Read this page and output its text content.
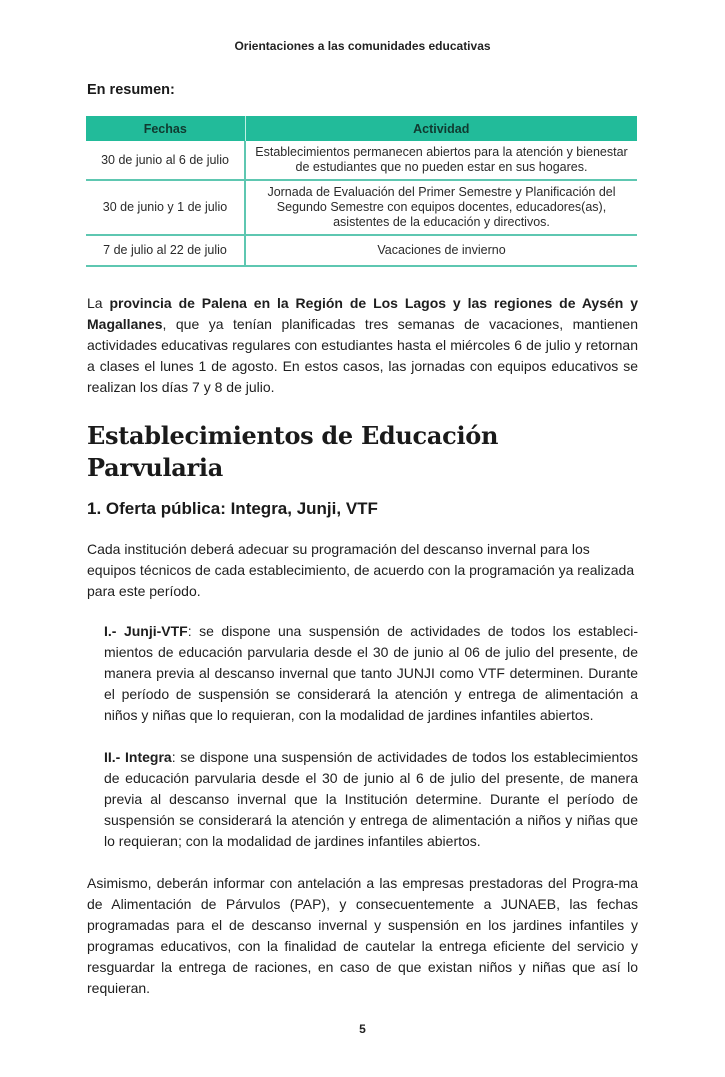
Orientaciones a las comunidades educativas
En resumen:
Fechas	Actividad
30 de junio al 6 de julio	Establecimientos permanecen abiertos para la atención y bienestar de estudiantes que no pueden estar en sus hogares.
30 de junio y 1 de julio	Jornada de Evaluación del Primer Semestre y Planificación del Segundo Semestre con equipos docentes, educadores(as), asistentes de la educación y directivos.
7 de julio al 22 de julio	Vacaciones de invierno

La provincia de Palena en la Región de Los Lagos y las regiones de Aysén y Magallanes, que ya tenían planificadas tres semanas de vacaciones, mantienen actividades educativas regulares con estudiantes hasta el miércoles 6 de julio y retornan a clases el lunes 1 de agosto. En estos casos, las jornadas con equipos educativos se realizan los días 7 y 8 de julio.

Establecimientos de Educación Parvularia
1. Oferta pública: Integra, Junji, VTF

Cada institución deberá adecuar su programación del descanso invernal para los equipos técnicos de cada establecimiento, de acuerdo con la programación ya realizada para este período.

I.- Junji-VTF: se dispone una suspensión de actividades de todos los estableci-mientos de educación parvularia desde el 30 de junio al 06 de julio del presente, de manera previa al descanso invernal que tanto JUNJI como VTF determinen. Durante el período de suspensión se considerará la atención y entrega de alimentación a niños y niñas que lo requieran, con la modalidad de jardines infantiles abiertos.

II.- Integra: se dispone una suspensión de actividades de todos los establecimientos de educación parvularia desde el 30 de junio al 6 de julio del presente, de manera previa al descanso invernal que la Institución determine. Durante el período de suspensión se considerará la atención y entrega de alimentación a niños y niñas que lo requieran; con la modalidad de jardines infantiles abiertos.

Asimismo, deberán informar con antelación a las empresas prestadoras del Progra-ma de Alimentación de Párvulos (PAP), y consecuentemente a JUNAEB, las fechas programadas para el de descanso invernal y suspensión en los jardines infantiles y programas educativos, con la finalidad de cautelar la entrega eficiente del servicio y resguardar la entrega de raciones, en caso de que existan niños y niñas que así lo requieran.

5
